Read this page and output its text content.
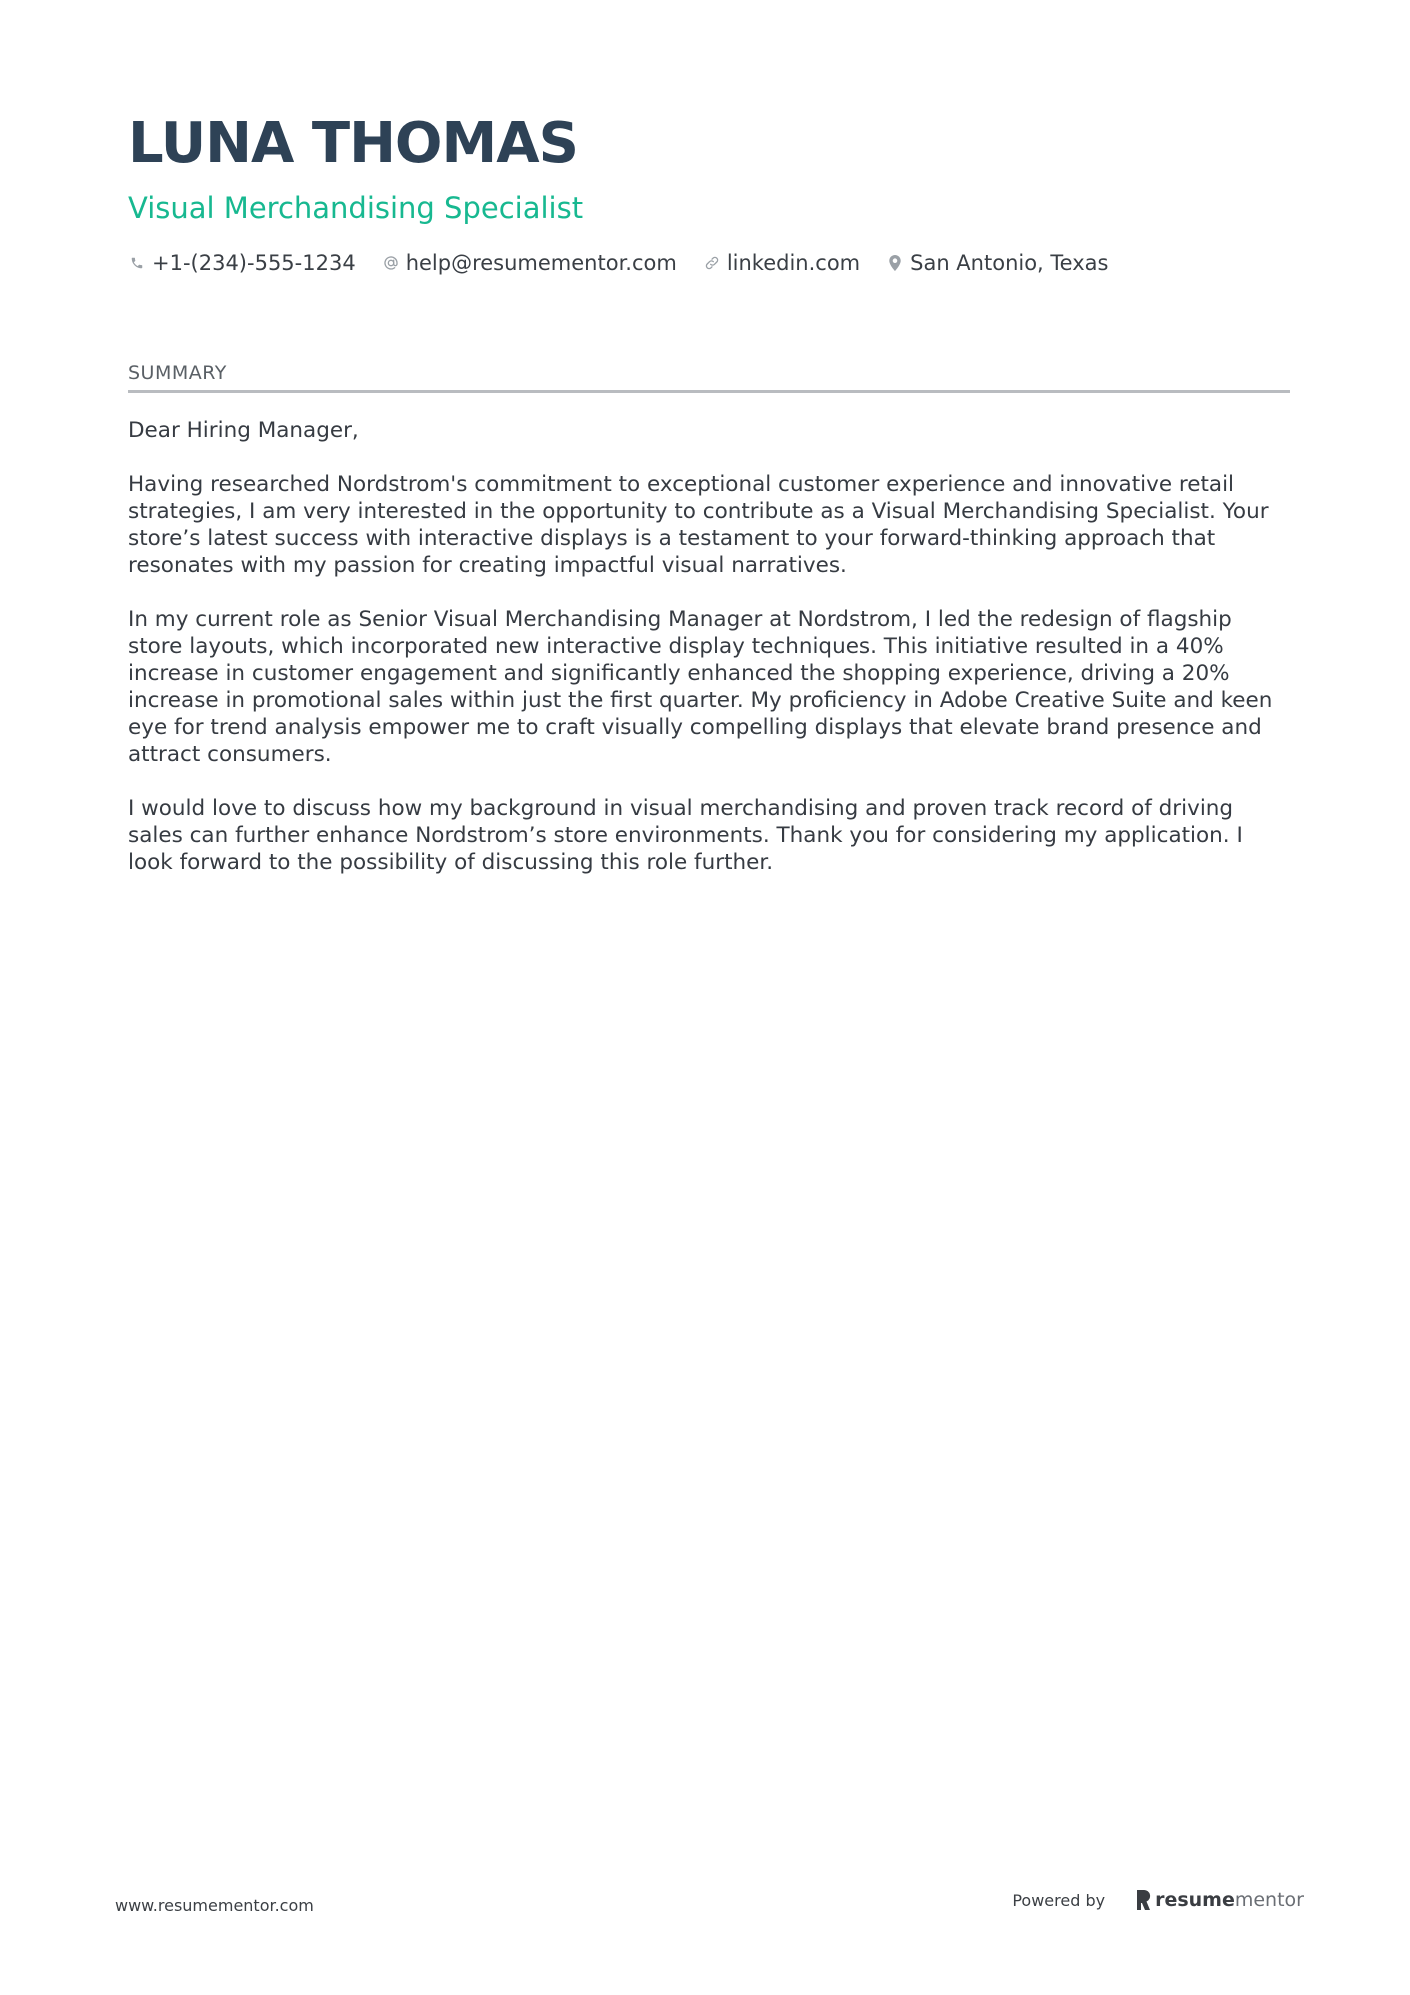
LUNA THOMAS
Visual Merchandising Specialist
+1-(234)-555-1234 help@resumementor.com linkedin.com San Antonio, Texas
SUMMARY

Dear Hiring Manager,

Having researched Nordstrom's commitment to exceptional customer experience and innovative retail strategies, I am very interested in the opportunity to contribute as a Visual Merchandising Specialist. Your store’s latest success with interactive displays is a testament to your forward-thinking approach that resonates with my passion for creating impactful visual narratives.

In my current role as Senior Visual Merchandising Manager at Nordstrom, I led the redesign of flagship store layouts, which incorporated new interactive display techniques. This initiative resulted in a 40% increase in customer engagement and significantly enhanced the shopping experience, driving a 20% increase in promotional sales within just the first quarter. My proficiency in Adobe Creative Suite and keen eye for trend analysis empower me to craft visually compelling displays that elevate brand presence and attract consumers.

I would love to discuss how my background in visual merchandising and proven track record of driving sales can further enhance Nordstrom’s store environments. Thank you for considering my application. I look forward to the possibility of discussing this role further.

www.resumementor.com	Powered by	resume mentor
